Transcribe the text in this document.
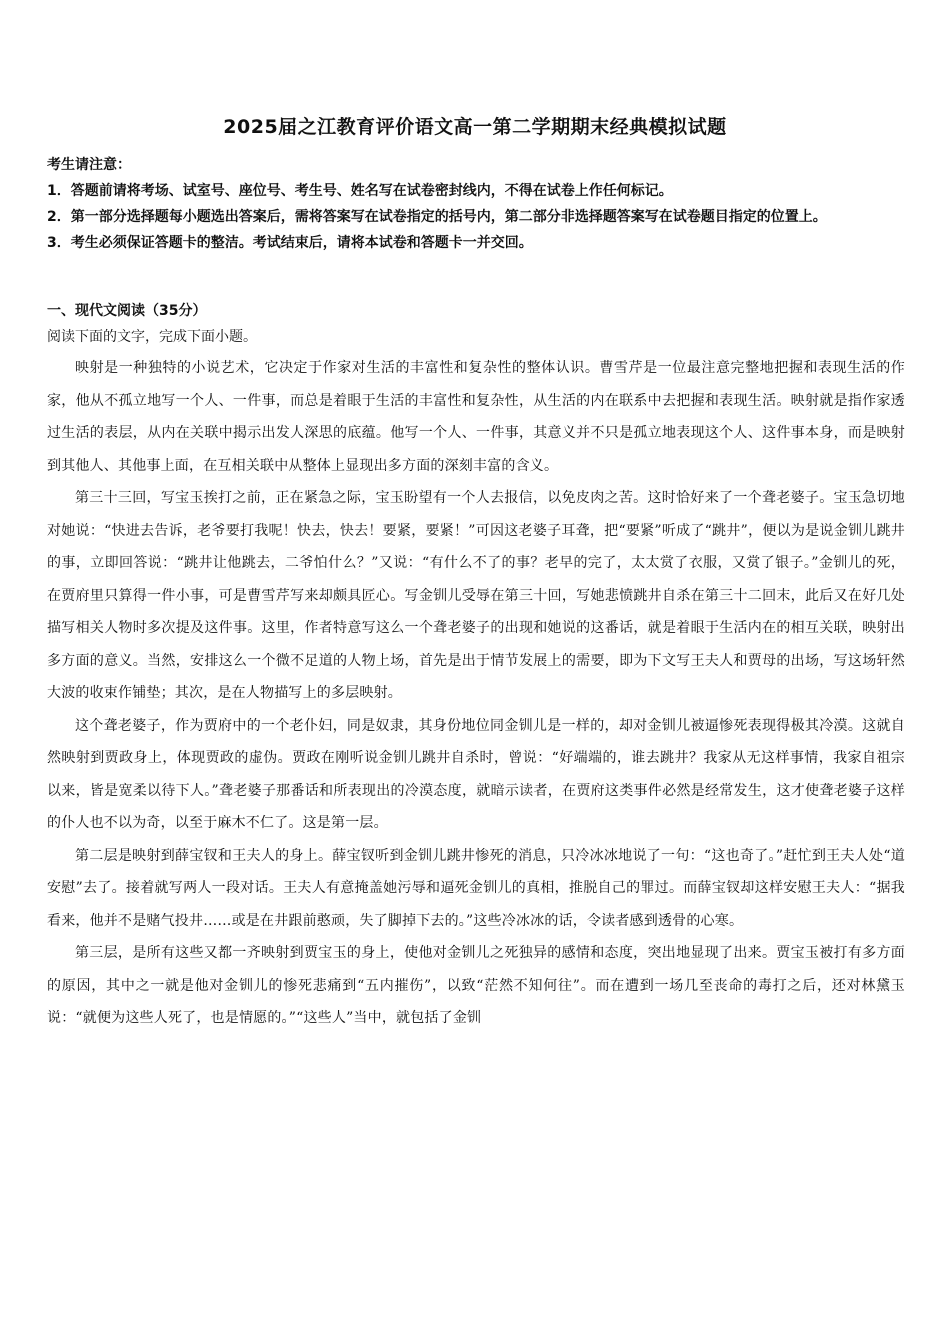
2025届之江教育评价语文高一第二学期期末经典模拟试题

考生请注意：

1．答题前请将考场、试室号、座位号、考生号、姓名写在试卷密封线内，不得在试卷上作任何标记。

2．第一部分选择题每小题选出答案后，需将答案写在试卷指定的括号内，第二部分非选择题答案写在试卷题目指定的位置上。

3．考生必须保证答题卡的整洁。考试结束后，请将本试卷和答题卡一并交回。

一、现代文阅读（35分）

阅读下面的文字，完成下面小题。

映射是一种独特的小说艺术，它决定于作家对生活的丰富性和复杂性的整体认识。曹雪芹是一位最注意完整地把握和表现生活的作家，他从不孤立地写一个人、一件事，而总是着眼于生活的丰富性和复杂性，从生活的内在联系中去把握和表现生活。映射就是指作家透过生活的表层，从内在关联中揭示出发人深思的底蕴。他写一个人、一件事，其意义并不只是孤立地表现这个人、这件事本身，而是映射到其他人、其他事上面，在互相关联中从整体上显现出多方面的深刻丰富的含义。

第三十三回，写宝玉挨打之前，正在紧急之际，宝玉盼望有一个人去报信，以免皮肉之苦。这时恰好来了一个聋老婆子。宝玉急切地对她说：“快进去告诉，老爷要打我呢！快去，快去！要紧，要紧！”可因这老婆子耳聋，把“要紧”听成了“跳井”，便以为是说金钏儿跳井的事，立即回答说：“跳井让他跳去，二爷怕什么？”又说：“有什么不了的事？老早的完了，太太赏了衣服，又赏了银子。”金钏儿的死，在贾府里只算得一件小事，可是曹雪芹写来却颇具匠心。写金钏儿受辱在第三十回，写她悲愤跳井自杀在第三十二回末，此后又在好几处描写相关人物时多次提及这件事。这里，作者特意写这么一个聋老婆子的出现和她说的这番话，就是着眼于生活内在的相互关联，映射出多方面的意义。当然，安排这么一个微不足道的人物上场，首先是出于情节发展上的需要，即为下文写王夫人和贾母的出场，写这场轩然大波的收束作铺垫；其次，是在人物描写上的多层映射。

这个聋老婆子，作为贾府中的一个老仆妇，同是奴隶，其身份地位同金钏儿是一样的，却对金钏儿被逼惨死表现得极其冷漠。这就自然映射到贾政身上，体现贾政的虚伪。贾政在刚听说金钏儿跳井自杀时，曾说：“好端端的，谁去跳井？我家从无这样事情，我家自祖宗以来，皆是宽柔以待下人。”聋老婆子那番话和所表现出的冷漠态度，就暗示读者，在贾府这类事件必然是经常发生，这才使聋老婆子这样的仆人也不以为奇，以至于麻木不仁了。这是第一层。

第二层是映射到薛宝钗和王夫人的身上。薛宝钗听到金钏儿跳井惨死的消息，只冷冰冰地说了一句：“这也奇了。”赶忙到王夫人处“道安慰”去了。接着就写两人一段对话。王夫人有意掩盖她污辱和逼死金钏儿的真相，推脱自己的罪过。而薛宝钗却这样安慰王夫人：“据我看来，他并不是赌气投井……或是在井跟前憨顽，失了脚掉下去的。”这些冷冰冰的话，令读者感到透骨的心寒。

第三层，是所有这些又都一齐映射到贾宝玉的身上，使他对金钏儿之死独异的感情和态度，突出地显现了出来。贾宝玉被打有多方面的原因，其中之一就是他对金钏儿的惨死悲痛到“五内摧伤”，以致“茫然不知何往”。而在遭到一场几至丧命的毒打之后，还对林黛玉说：“就便为这些人死了，也是情愿的。”“这些人”当中，就包括了金钏
